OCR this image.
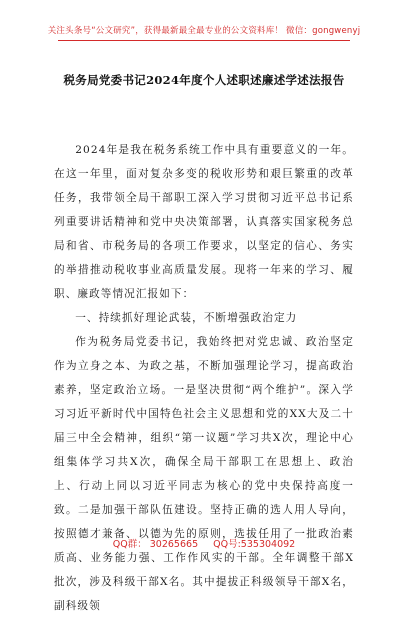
关注头条号“公文研究”，获得最新最全最专业的公文资料库！ 微信：gongwenyj
税务局党委书记2024年度个人述职述廉述学述法报告

2024年是我在税务系统工作中具有重要意义的一年。在这一年里，面对复杂多变的税收形势和艰巨繁重的改革任务，我带领全局干部职工深入学习贯彻习近平总书记系列重要讲话精神和党中央决策部署，认真落实国家税务总局和省、市税务局的各项工作要求，以坚定的信心、务实的举措推动税收事业高质量发展。现将一年来的学习、履职、廉政等情况汇报如下：

一、持续抓好理论武装，不断增强政治定力

作为税务局党委书记，我始终把对党忠诚、政治坚定作为立身之本、为政之基，不断加强理论学习，提高政治素养，坚定政治立场。一是坚决贯彻“两个维护”。深入学习习近平新时代中国特色社会主义思想和党的XX大及二十届三中全会精神，组织“第一议题”学习共X次，理论中心组集体学习共X次，确保全局干部职工在思想上、政治上、行动上同以习近平同志为核心的党中央保持高度一致。二是加强干部队伍建设。坚持正确的选人用人导向，按照德才兼备、以德为先的原则，选拔任用了一批政治素质高、业务能力强、工作作风实的干部。全年调整干部X批次，涉及科级干部X名。其中提拔正科级领导干部X名，副科级领

QQ群： 30265665 QQ号:535304092
